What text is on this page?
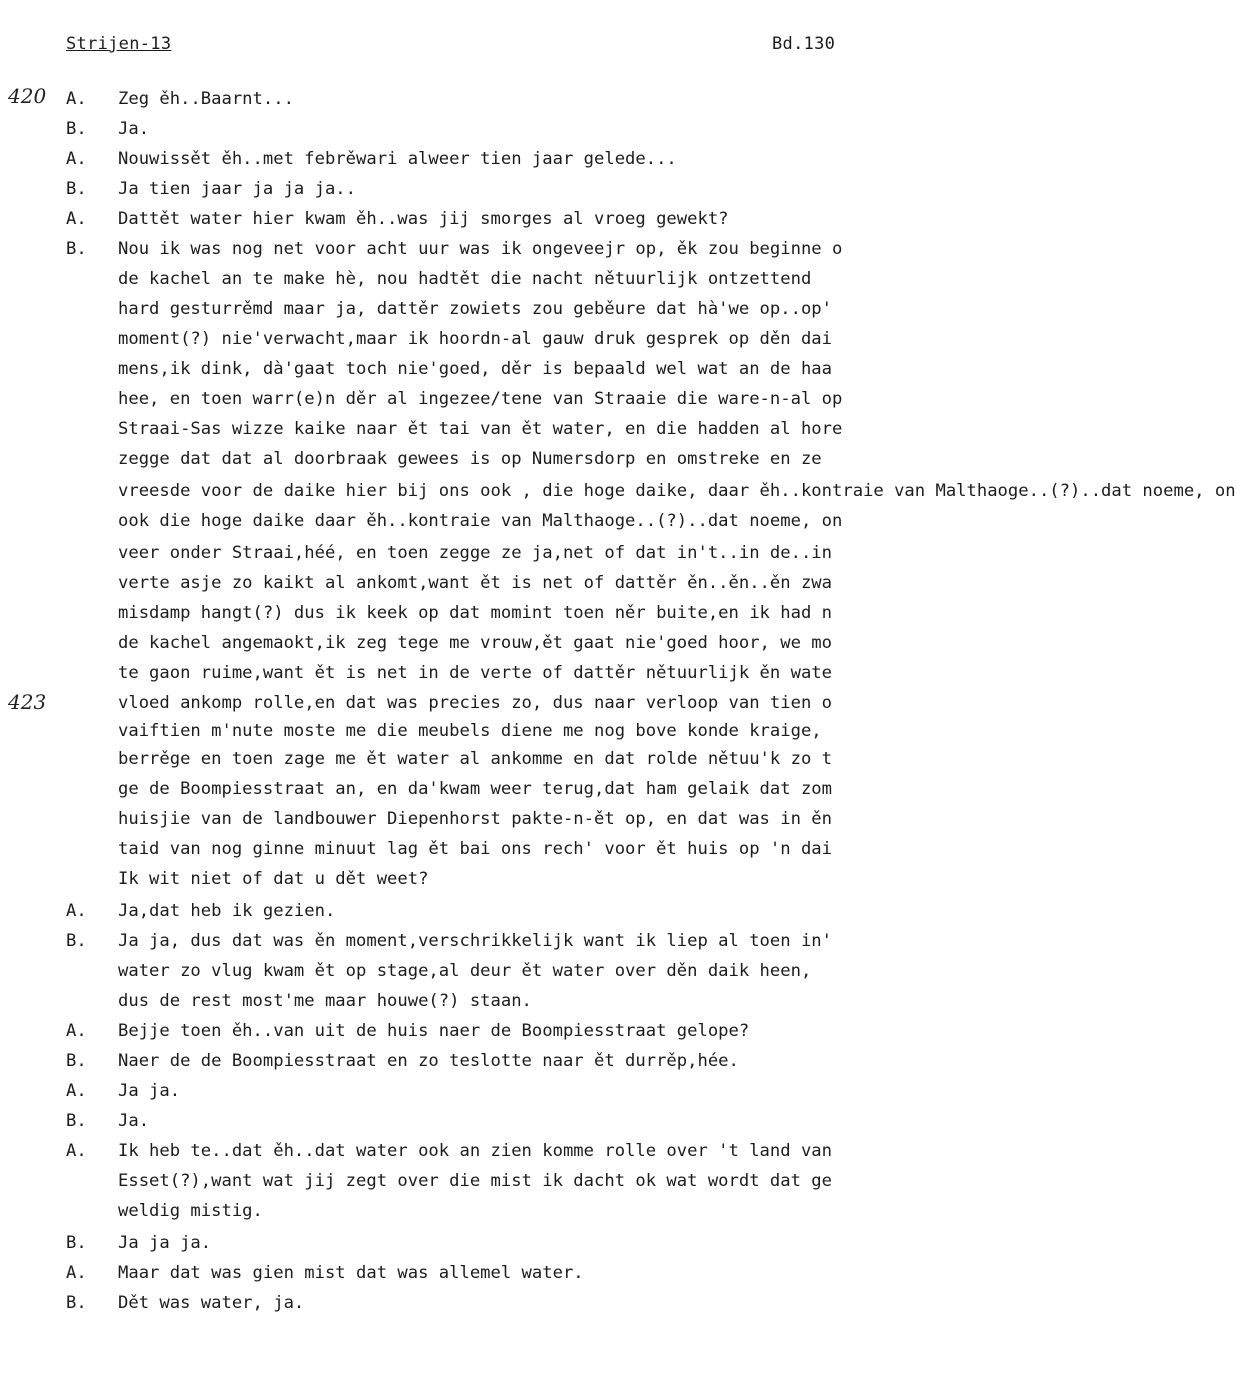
Strijen-13	Bd.130
420
423
A. Zeg ěh..Baarnt...
B. Ja.
A. Nouwissět ěh..met febrěwari alweer tien jaar gelede...
B. Ja tien jaar ja ja ja..
A. Dattět water hier kwam ěh..was jij smorges al vroeg gewekt?
B. Nou ik was nog net voor acht uur was ik ongeveejr op, ěk zou beginne o
de kachel an te make hè, nou hadtět die nacht nětuurlijk ontzettend
hard gesturrěmd maar ja, dattěr zowiets zou geběure dat hà'we op..op'
moment(?) nie'verwacht,maar ik hoordn-al gauw druk gesprek op děn dai
mens,ik dink, dà'gaat toch nie'goed, děr is bepaald wel wat an de haa
hee, en toen warr(e)n děr al ingezee/tene van Straaie die ware-n-al op
Straai-Sas wizze kaike naar ět tai van ět water, en die hadden al hore
zegge dat dat al doorbraak gewees is op Numersdorp en omstreke en ze
vreesde voor de daike hier bij ons ook , die hoge daike, daar ěh..kontraie van Malthaoge..(?)..dat noeme, on
ook die hoge daike daar ěh..kontraie van Malthaoge..(?)..dat noeme, on
veer onder Straai,héé, en toen zegge ze ja,net of dat in't..in de..in
verte asje zo kaikt al ankomt,want ět is net of dattěr ěn..ěn..ěn zwa
misdamp hangt(?) dus ik keek op dat momint toen něr buite,en ik had n
de kachel angemaokt,ik zeg tege me vrouw,ět gaat nie'goed hoor, we mo
te gaon ruime,want ět is net in de verte of dattěr nětuurlijk ěn wate
vloed ankomp rolle,en dat was precies zo, dus naar verloop van tien o
vaiftien m'nute moste me die meubels diene me nog bove konde kraige,
berrěge en toen zage me ět water al ankomme en dat rolde nětuu'k zo t
ge de Boompiesstraat an, en da'kwam weer terug,dat ham gelaik dat zom
huisjie van de landbouwer Diepenhorst pakte-n-ět op, en dat was in ěn
taid van nog ginne minuut lag ět bai ons rech' voor ět huis op 'n dai
Ik wit niet of dat u dět weet?
A. Ja,dat heb ik gezien.
B. Ja ja, dus dat was ěn moment,verschrikkelijk want ik liep al toen in'
water zo vlug kwam ět op stage,al deur ět water over děn daik heen,
dus de rest most'me maar houwe(?) staan.
A. Bejje toen ěh..van uit de huis naer de Boompiesstraat gelope?
B. Naer de de Boompiesstraat en zo teslotte naar ět durrěp,hée.
A. Ja ja.
B. Ja.
A. Ik heb te..dat ěh..dat water ook an zien komme rolle over 't land van
Esset(?),want wat jij zegt over die mist ik dacht ok wat wordt dat ge
weldig mistig.
B. Ja ja ja.
A. Maar dat was gien mist dat was allemel water.
B. Dět was water, ja.
